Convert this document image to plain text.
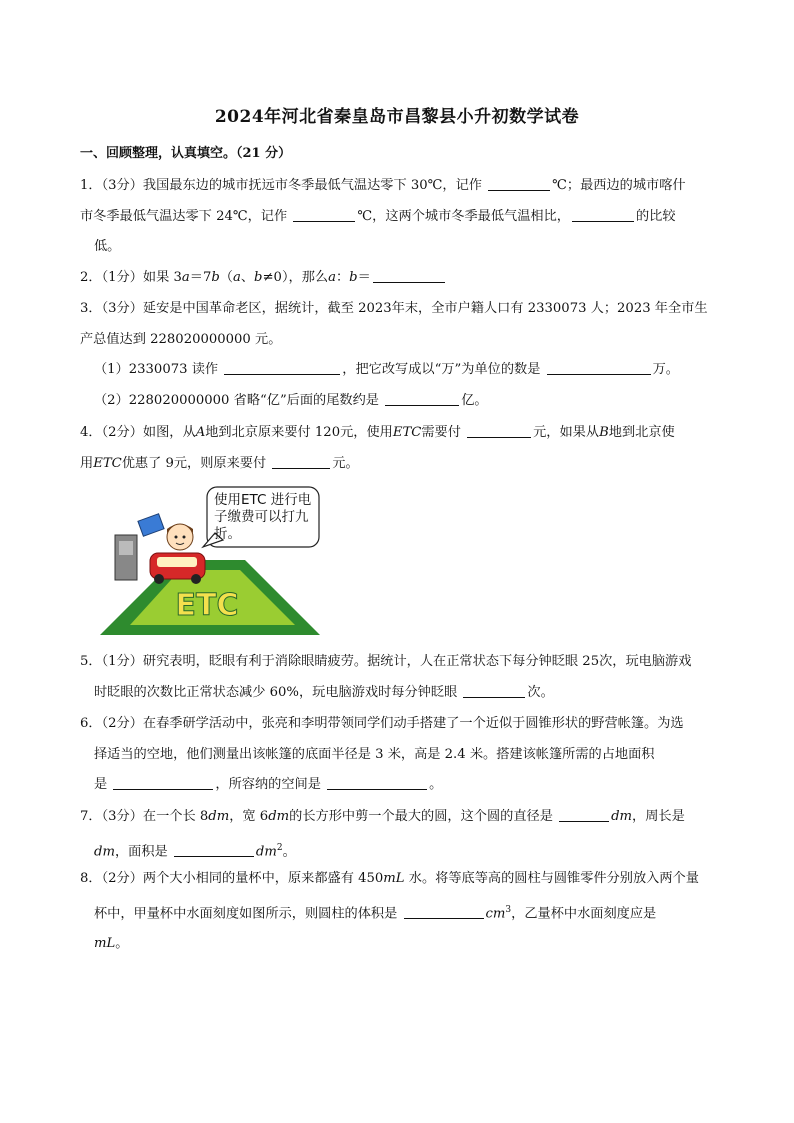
2024年河北省秦皇岛市昌黎县小升初数学试卷
一、回顾整理，认真填空。（21 分）
1．（3分）我国最东边的城市抚远市冬季最低气温达零下 30℃，记作	℃；最西边的城市喀什
市冬季最低气温达零下 24℃，记作	℃，这两个城市冬季最低气温相比，	的比较
低。
2．（1分）如果 3a＝7b（a、b≠0），那么a：b＝
3．（3分）延安是中国革命老区，据统计，截至 2023年末，全市户籍人口有 2330073 人；2023 年全市生
产总值达到 228020000000 元。
（1）2330073 读作	，把它改写成以“万”为单位的数是	万。
（2）228020000000 省略“亿”后面的尾数约是	亿。
4．（2分）如图，从A地到北京原来要付 120元，使用ETC需要付	元，如果从B地到北京使
用ETC优惠了 9元，则原来要付	元。
ETC
使用ETC 进行电子缴费可以打九折。
5．（1分）研究表明，眨眼有利于消除眼睛疲劳。据统计，人在正常状态下每分钟眨眼 25次，玩电脑游戏
时眨眼的次数比正常状态减少 60%，玩电脑游戏时每分钟眨眼	次。
6．（2分）在春季研学活动中，张亮和李明带领同学们动手搭建了一个近似于圆锥形状的野营帐篷。为选
择适当的空地，他们测量出该帐篷的底面半径是 3 米，高是 2.4 米。搭建该帐篷所需的占地面积
是	，所容纳的空间是	。
7．（3分）在一个长 8dm，宽 6dm的长方形中剪一个最大的圆，这个圆的直径是	dm，周长是
dm，面积是	$dm^2$。
8．（2分）两个大小相同的量杯中，原来都盛有 450mL 水。将等底等高的圆柱与圆锥零件分别放入两个量
杯中，甲量杯中水面刻度如图所示，则圆柱的体积是	$cm^3$，乙量杯中水面刻度应是
mL。
